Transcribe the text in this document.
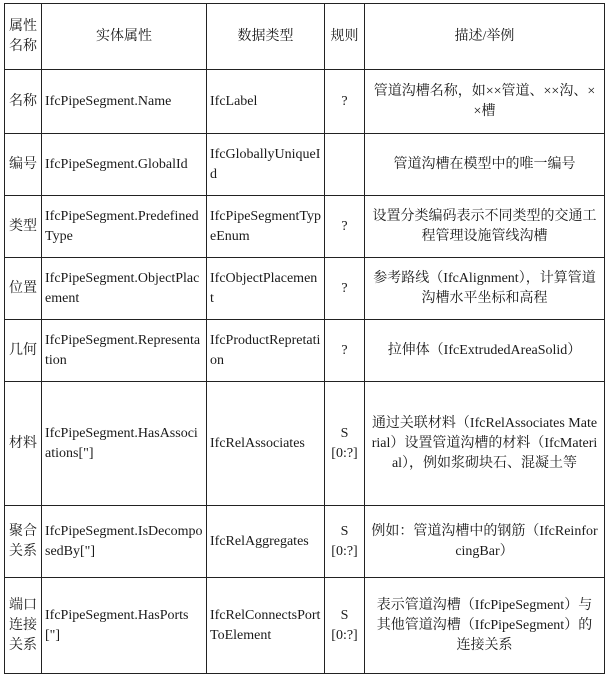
属性名称	实体属性	数据类型	规则	描述/举例
名称	IfcPipeSegment.Name	IfcLabel	?	管道沟槽名称，如××管道、××沟、××槽
编号	IfcPipeSegment.GlobalId	IfcGloballyUniqueId		管道沟槽在模型中的唯一编号
类型	IfcPipeSegment.PredefinedType	IfcPipeSegmentTypeEnum	?	设置分类编码表示不同类型的交通工程管理设施管线沟槽
位置	IfcPipeSegment.ObjectPlacement	IfcObjectPlacement	?	参考路线（IfcAlignment），计算管道沟槽水平坐标和高程
几何	IfcPipeSegment.Representation	IfcProductRepretation	?	拉伸体（IfcExtrudedAreaSolid）
材料	IfcPipeSegment.HasAssociations["]	IfcRelAssociates	S[0:?]	通过关联材料（IfcRelAssociates Material）设置管道沟槽的材料（IfcMaterial），例如浆砌块石、混凝土等
聚合关系	IfcPipeSegment.IsDecomposedBy["]	IfcRelAggregates	S[0:?]	例如：管道沟槽中的钢筋（IfcReinforcingBar）
端口连接关系	IfcPipeSegment.HasPorts["]	IfcRelConnectsPortToElement	S[0:?]	表示管道沟槽（IfcPipeSegment）与其他管道沟槽（IfcPipeSegment）的连接关系
